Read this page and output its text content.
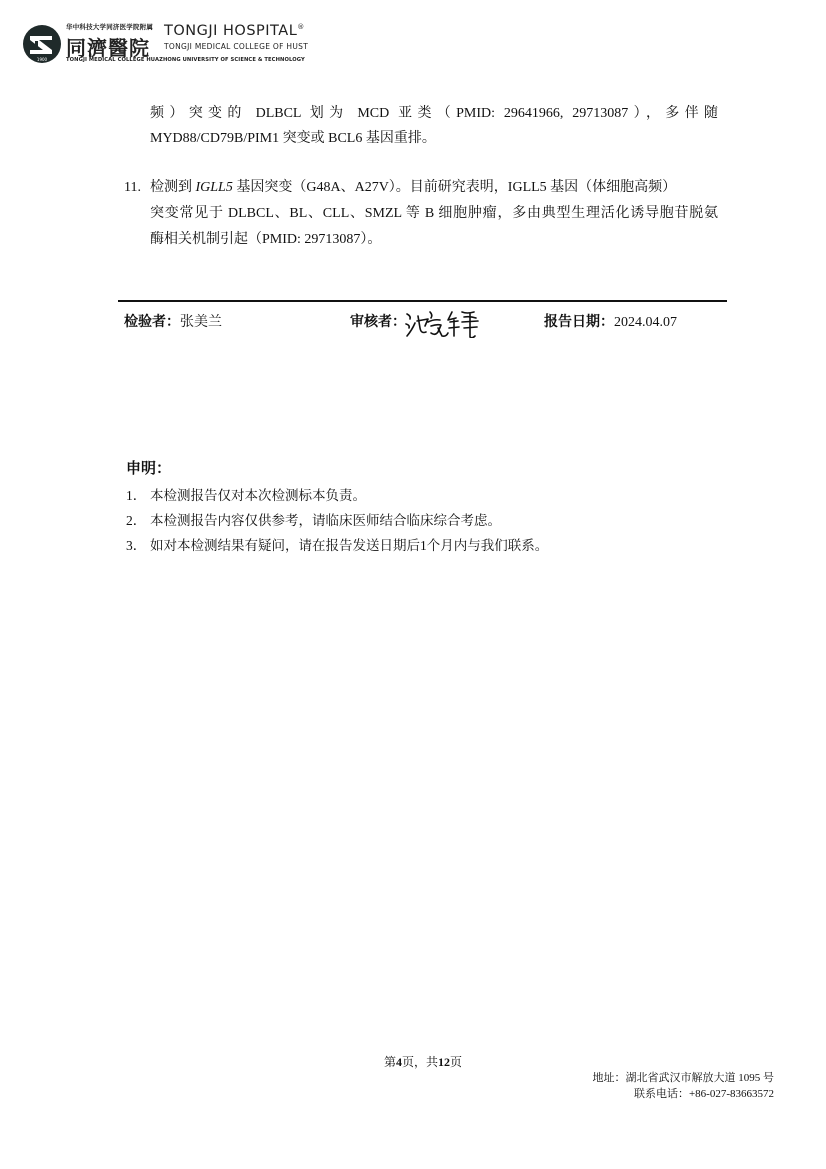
1900
华中科技大学同济医学院附属
同濟醫院
TONGJI HOSPITAL®
TONGJI MEDICAL COLLEGE OF HUST
TONGJI MEDICAL COLLEGE HUAZHONG UNIVERSITY OF SCIENCE & TECHNOLOGY
频）突变的 DLBCL 划为 MCD 亚类（PMID: 29641966, 29713087），多伴随
MYD88/CD79B/PIM1 突变或 BCL6 基因重排。
11. 检测到 IGLL5 基因突变（G48A、A27V）。目前研究表明，IGLL5 基因（体细胞高频）
突变常见于 DLBCL、BL、CLL、SMZL 等 B 细胞肿瘤，多由典型生理活化诱导胞苷脱氨
酶相关机制引起（PMID: 29713087）。
检验者：张美兰	审核者：	报告日期：2024.04.07
申明：
1． 本检测报告仅对本次检测标本负责。
2． 本检测报告内容仅供参考，请临床医师结合临床综合考虑。
3． 如对本检测结果有疑问，请在报告发送日期后1个月内与我们联系。
第4页，共12页
地址：湖北省武汉市解放大道 1095 号
联系电话：+86-027-83663572
